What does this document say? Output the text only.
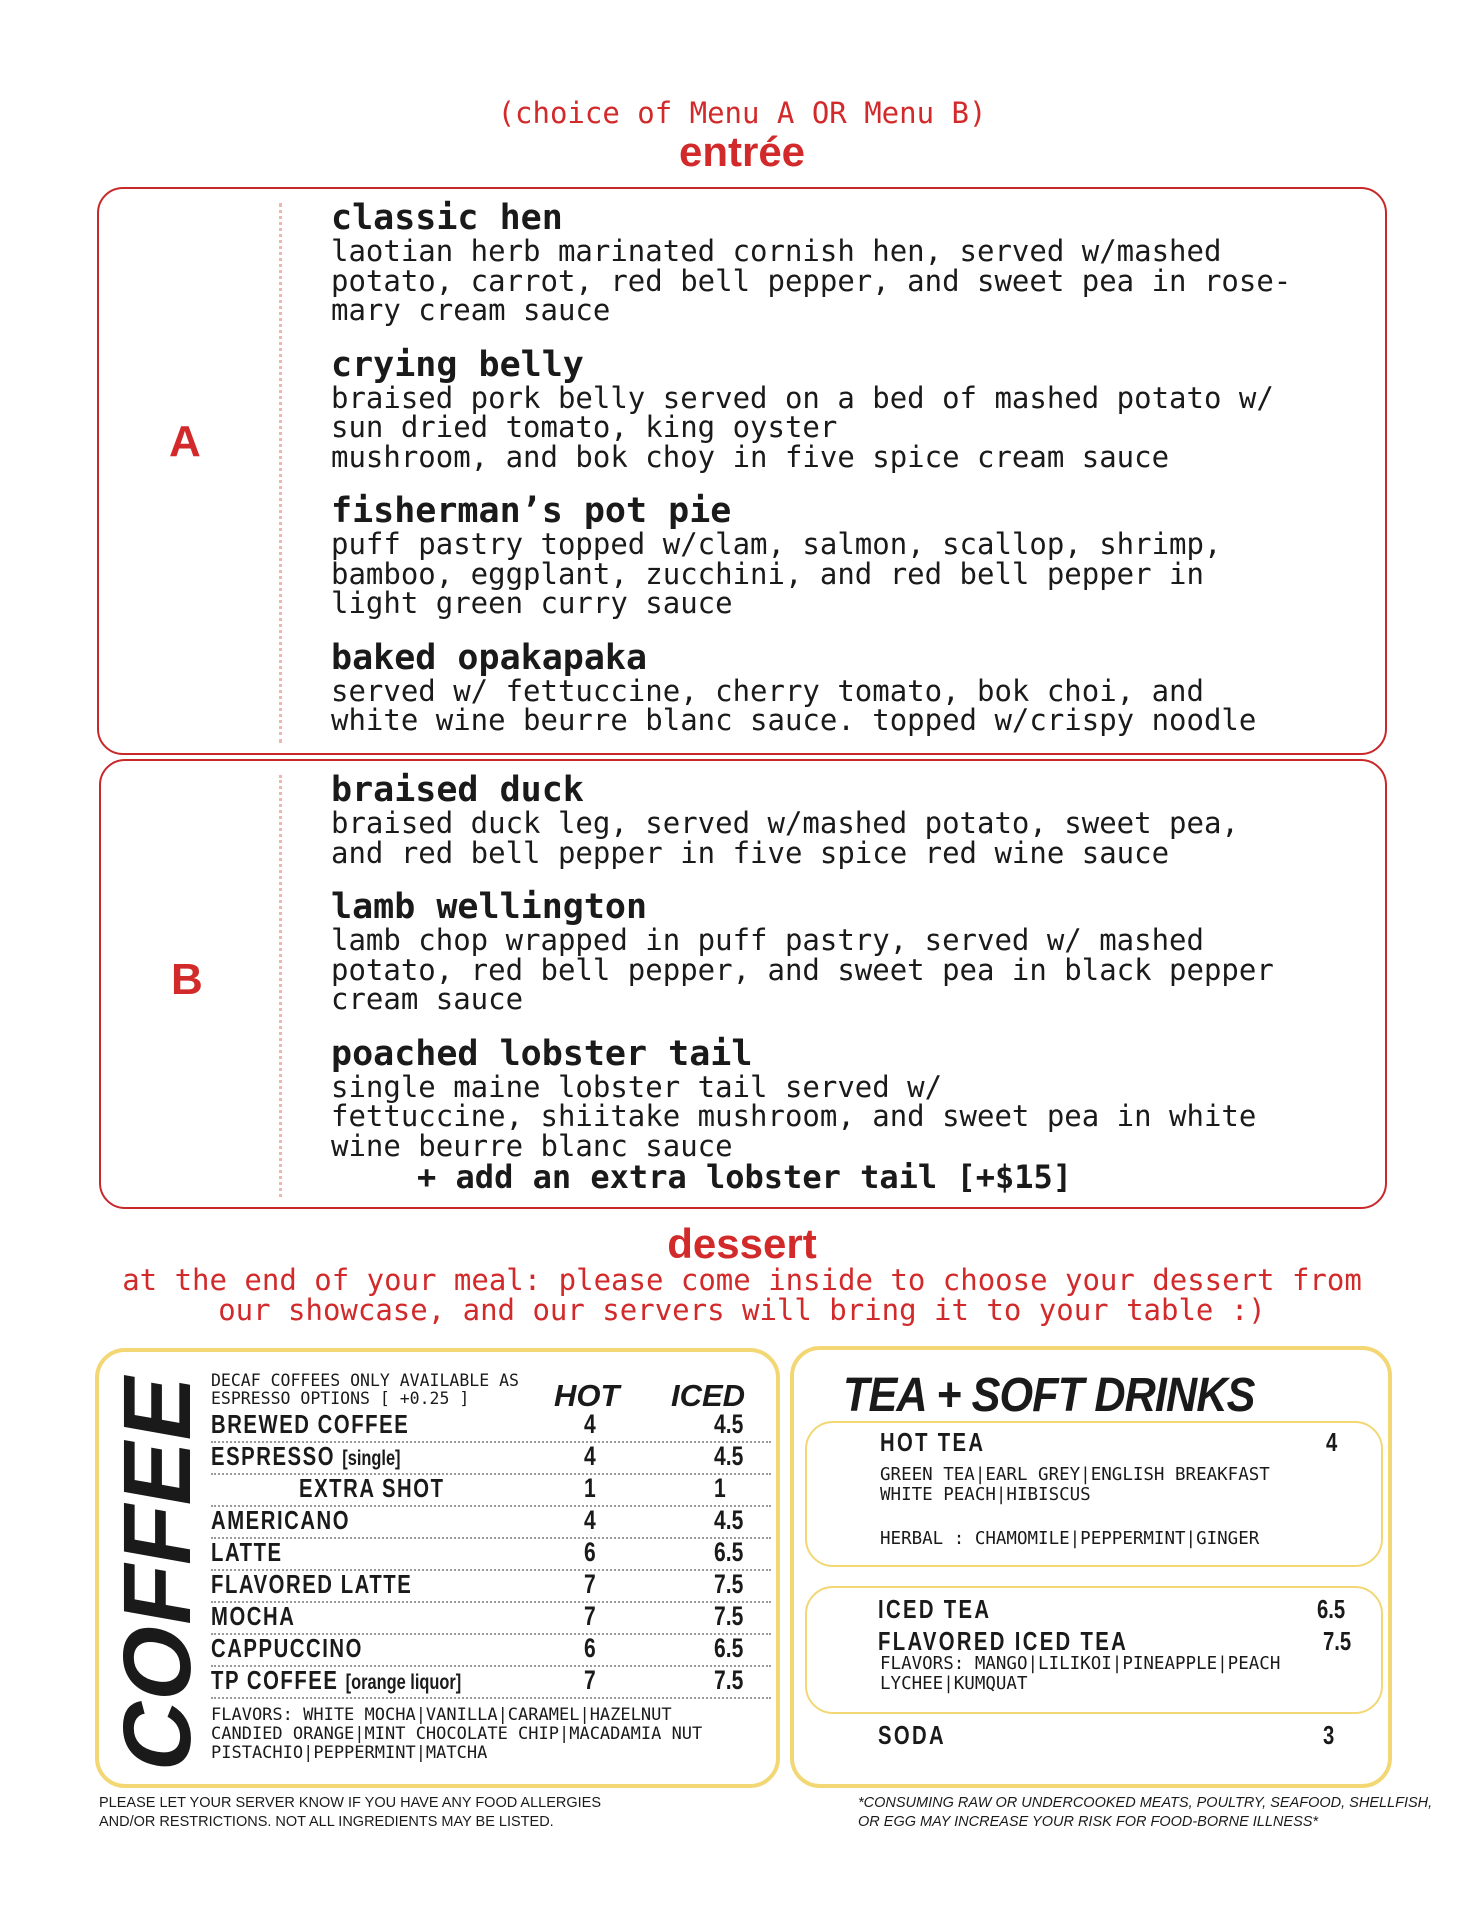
(choice of Menu A OR Menu B)
entrée
A
classic hen
laotian herb marinated cornish hen, served w/mashed
potato, carrot, red bell pepper, and sweet pea in rose-
mary cream sauce
crying belly
braised pork belly served on a bed of mashed potato w/
sun dried tomato, king oyster
mushroom, and bok choy in five spice cream sauce
fisherman’s pot pie
puff pastry topped w/clam, salmon, scallop, shrimp,
bamboo, eggplant, zucchini, and red bell pepper in
light green curry sauce
baked opakapaka
served w/ fettuccine, cherry tomato, bok choi, and
white wine beurre blanc sauce. topped w/crispy noodle
B
braised duck
braised duck leg, served w/mashed potato, sweet pea,
and red bell pepper in five spice red wine sauce
lamb wellington
lamb chop wrapped in puff pastry, served w/ mashed
potato, red bell pepper, and sweet pea in black pepper
cream sauce
poached lobster tail
single maine lobster tail served w/
fettuccine, shiitake mushroom, and sweet pea in white
wine beurre blanc sauce
+ add an extra lobster tail [+$15]
dessert
at the end of your meal: please come inside to choose your dessert from
our showcase, and our servers will bring it to your table :)
COFFEE DECAF COFFEES ONLY AVAILABLE AS
ESPRESSO OPTIONS [ +0.25 ]	HOT ICED
BREWED COFFEE	4	4.5
ESPRESSO [single]	4	4.5
EXTRA SHOT	1	1
AMERICANO	4	4.5
LATTE	6	6.5
FLAVORED LATTE	7	7.5
MOCHA	7	7.5
CAPPUCCINO	6	6.5
TP COFFEE [orange liquor]	7	7.5
FLAVORS: WHITE MOCHA|VANILLA|CARAMEL|HAZELNUT
CANDIED ORANGE|MINT CHOCOLATE CHIP|MACADAMIA NUT
PISTACHIO|PEPPERMINT|MATCHA
TEA + SOFT DRINKS
HOT TEA	4
GREEN TEA|EARL GREY|ENGLISH BREAKFAST
WHITE PEACH|HIBISCUS
HERBAL : CHAMOMILE|PEPPERMINT|GINGER
ICED TEA	6.5
FLAVORED ICED TEA	7.5
FLAVORS: MANGO|LILIKOI|PINEAPPLE|PEACH
LYCHEE|KUMQUAT
SODA	3
PLEASE LET YOUR SERVER KNOW IF YOU HAVE ANY FOOD ALLERGIES
AND/OR RESTRICTIONS. NOT ALL INGREDIENTS MAY BE LISTED.
*CONSUMING RAW OR UNDERCOOKED MEATS, POULTRY, SEAFOOD, SHELLFISH,
OR EGG MAY INCREASE YOUR RISK FOR FOOD-BORNE ILLNESS*
